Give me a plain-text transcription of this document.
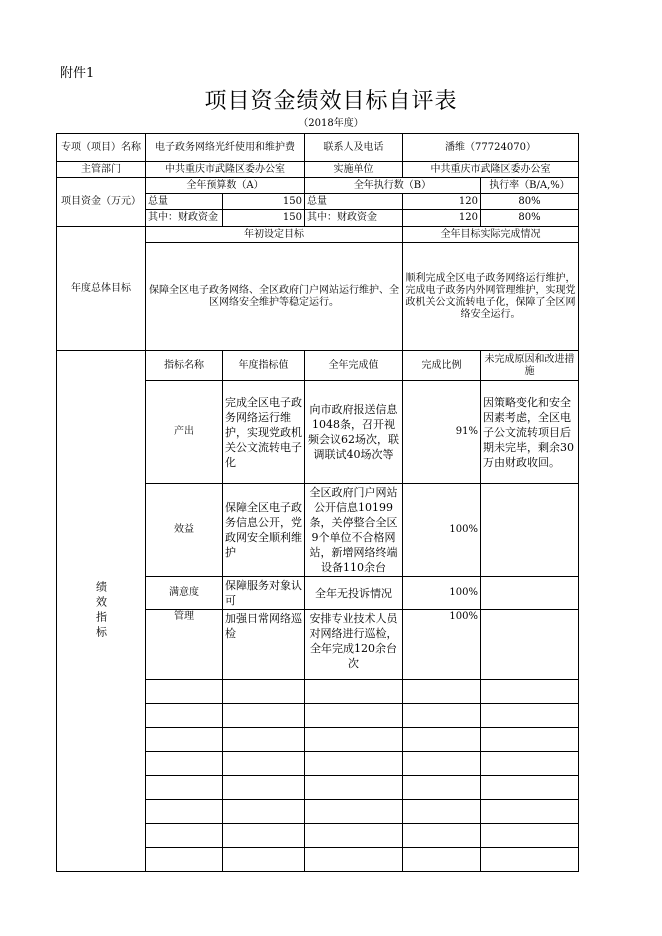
附件1
项目资金绩效目标自评表
（2018年度）
专项（项目）名称	电子政务网络光纤使用和维护费		联系人及电话	潘维（77724070）	
主管部门	中共重庆市武隆区委办公室		实施单位	中共重庆市武隆区委办公室	
项目资金（万元）	全年预算数（A）		全年执行数（B）		执行率（B/A,%）
	总量	150	总量	120	80%
	其中：财政资金	150	其中：财政资金	120	80%
年度总体目标	年初设定目标			全年目标实际完成情况	
	保障全区电子政务网络、全区政府门户网站运行维护、全区网络安全维护等稳定运行。			顺利完成全区电子政务网络运行维护，完成电子政务内外网管理维护，实现党政机关公文流转电子化，保障了全区网络安全运行。	

绩效指标	指标名称	年度指标值	全年完成值	完成比例	未完成原因和改进措施
	产出	完成全区电子政务网络运行维护，实现党政机关公文流转电子化	向市政府报送信息1048条，召开视频会议62场次，联调联试40场次等	91%	因策略变化和安全因素考虑，全区电子公文流转项目后期未完毕，剩余30万由财政收回。
	效益	保障全区电子政务信息公开，党政网安全顺利维护	全区政府门户网站公开信息10199条，关停整合全区9个单位不合格网站，新增网络终端设备110余台	100%	
	满意度	保障服务对象认可	全年无投诉情况	100%	
	管理	加强日常网络巡检	安排专业技术人员对网络进行巡检，全年完成120余台次	100%	
